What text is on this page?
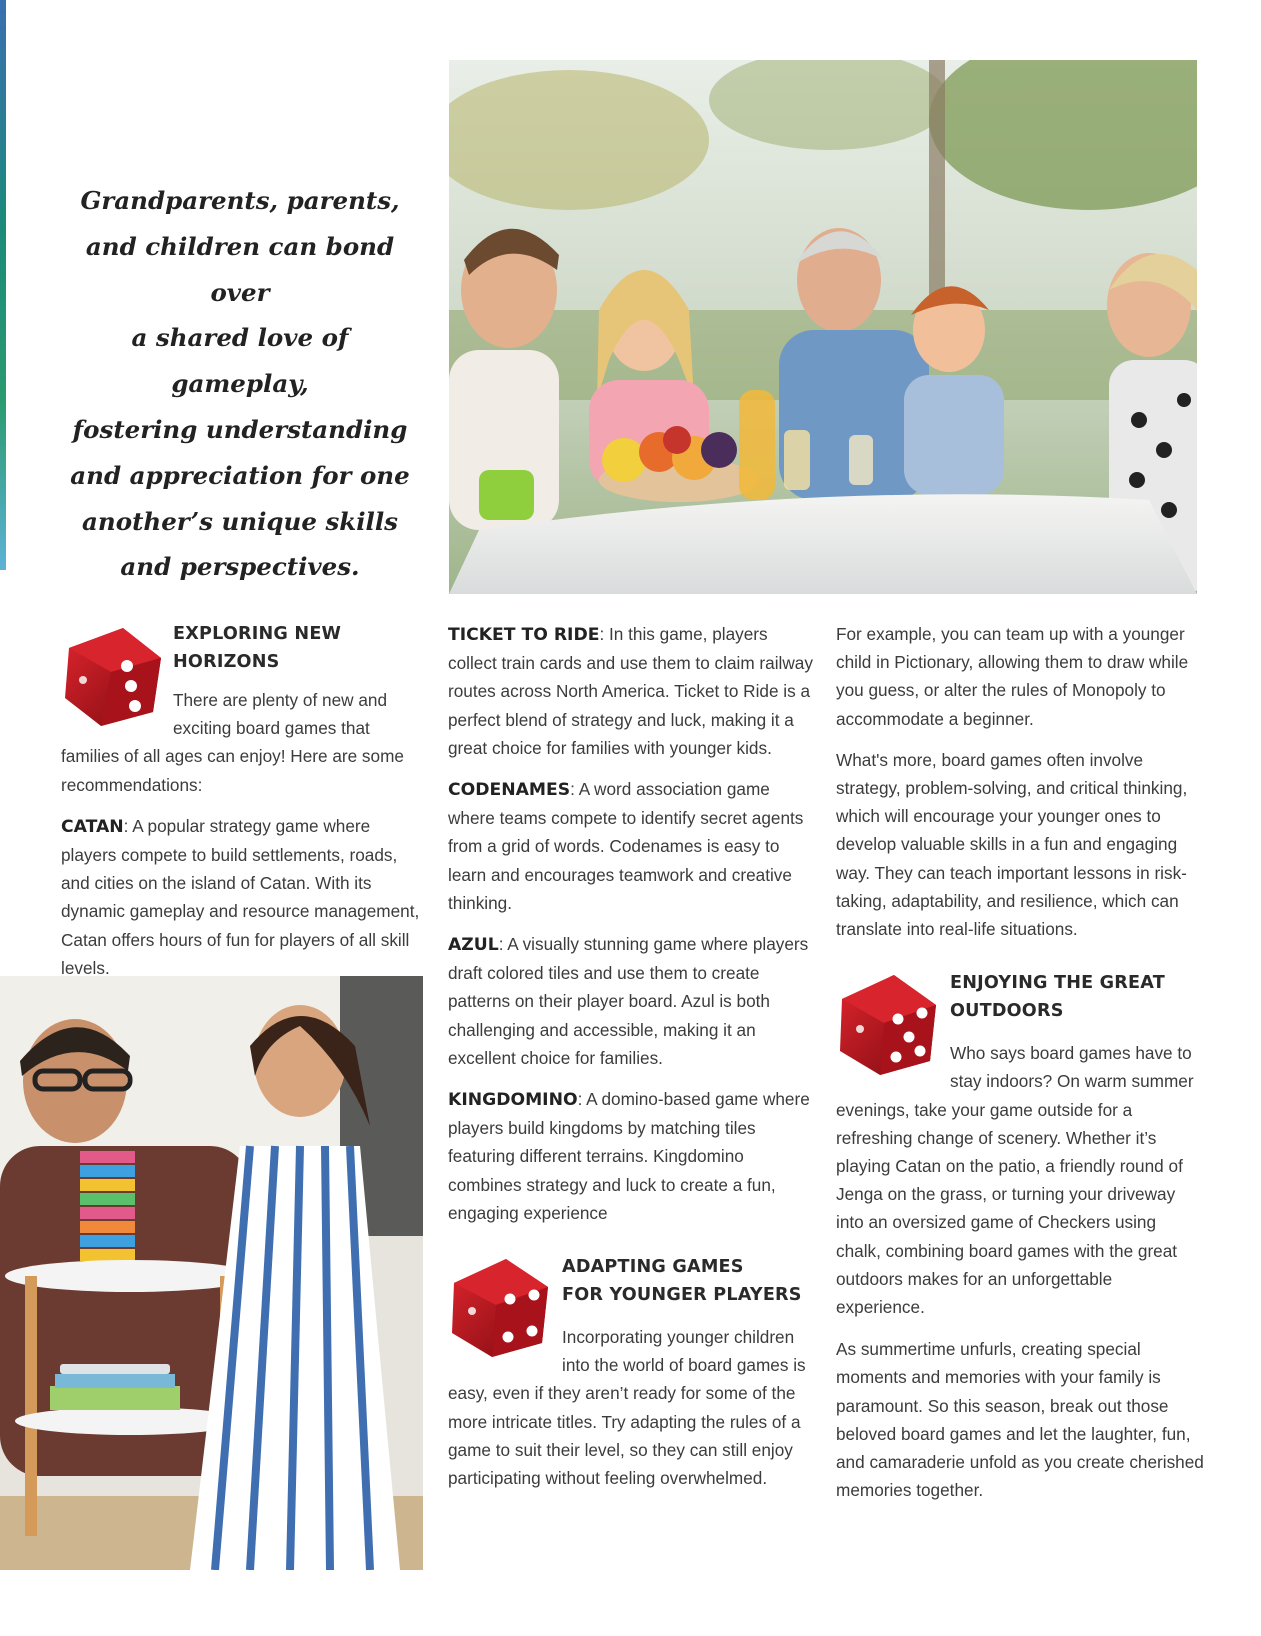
Grandparents, parents,
and children can bond over
a shared love of gameplay,
fostering understanding
and appreciation for one
another’s unique skills
and perspectives.
EXPLORING NEW HORIZONS
There are plenty of new and exciting board games that families of all ages can enjoy! Here are some recommendations:

CATAN: A popular strategy game where players compete to build settlements, roads, and cities on the island of Catan. With its dynamic gameplay and resource management, Catan offers hours of fun for players of all skill levels.

TICKET TO RIDE: In this game, players collect train cards and use them to claim railway routes across North America. Ticket to Ride is a perfect blend of strategy and luck, making it a great choice for families with younger kids.

CODENAMES: A word association game where teams compete to identify secret agents from a grid of words. Codenames is easy to learn and encourages teamwork and creative thinking.

AZUL: A visually stunning game where players draft colored tiles and use them to create patterns on their player board. Azul is both challenging and accessible, making it an excellent choice for families.

KINGDOMINO: A domino-based game where players build kingdoms by matching tiles featuring different terrains. Kingdomino combines strategy and luck to create a fun, engaging experience

ADAPTING GAMES
FOR YOUNGER PLAYERS
Incorporating younger children into the world of board games is easy, even if they aren’t ready for some of the more intricate titles. Try adapting the rules of a game to suit their level, so they can still enjoy participating without feeling overwhelmed.

For example, you can team up with a younger child in Pictionary, allowing them to draw while you guess, or alter the rules of Monopoly to accommodate a beginner.

What's more, board games often involve strategy, problem-solving, and critical thinking, which will encourage your younger ones to develop valuable skills in a fun and engaging way. They can teach important lessons in risk-taking, adaptability, and resilience, which can translate into real-life situations.

ENJOYING THE GREAT
OUTDOORS
Who says board games have to stay indoors? On warm summer evenings, take your game outside for a refreshing change of scenery. Whether it’s playing Catan on the patio, a friendly round of Jenga on the grass, or turning your driveway into an oversized game of Checkers using chalk, combining board games with the great outdoors makes for an unforgettable experience.

As summertime unfurls, creating special moments and memories with your family is paramount. So this season, break out those beloved board games and let the laughter, fun, and camaraderie unfold as you create cherished memories together.
